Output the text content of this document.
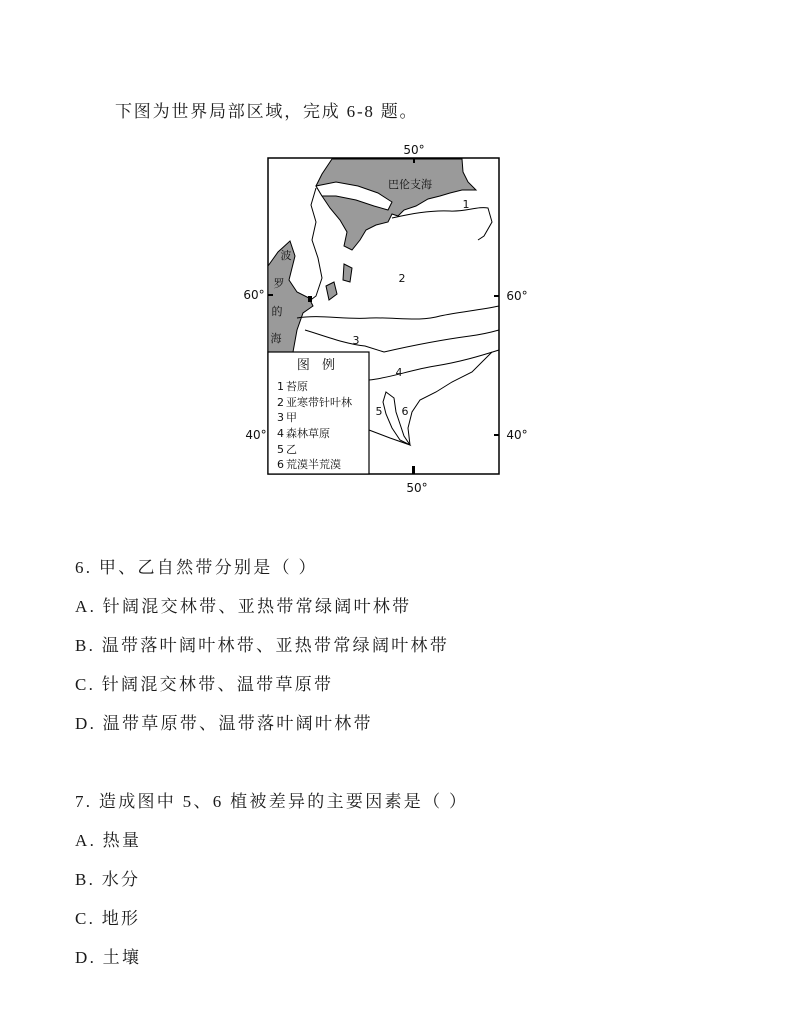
下图为世界局部区域，完成 6-8 题。
50°
50°
60°	60°
40°	40°
巴伦支海
波
罗
的
海
1
2
3
4
5 6
图 例
1 苔原
2 亚寒带针叶林
3 甲
4 森林草原
5 乙
6 荒漠半荒漠
6. 甲、乙自然带分别是（ ）
A. 针阔混交林带、亚热带常绿阔叶林带
B. 温带落叶阔叶林带、亚热带常绿阔叶林带
C. 针阔混交林带、温带草原带
D. 温带草原带、温带落叶阔叶林带
7. 造成图中 5、6 植被差异的主要因素是（ ）
A. 热量
B. 水分
C. 地形
D. 土壤
